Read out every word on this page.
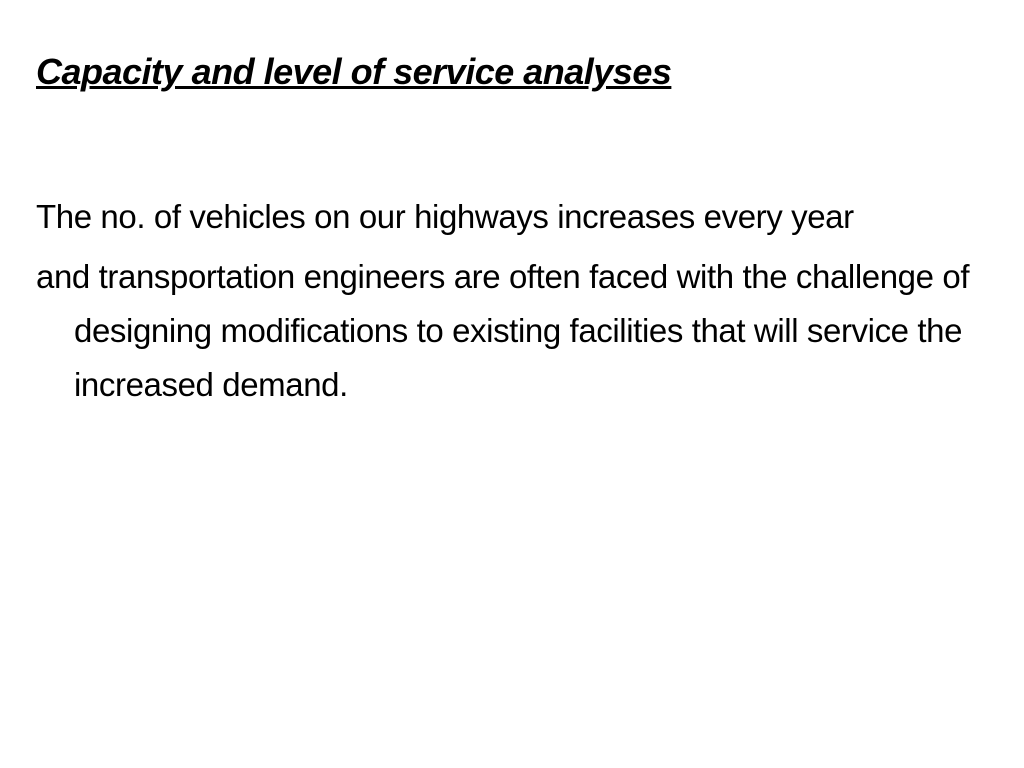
Capacity and level of service analyses

The no. of vehicles on our highways increases every year

and transportation engineers are often faced with the challenge of designing modifications to existing facilities that will service the increased demand.
